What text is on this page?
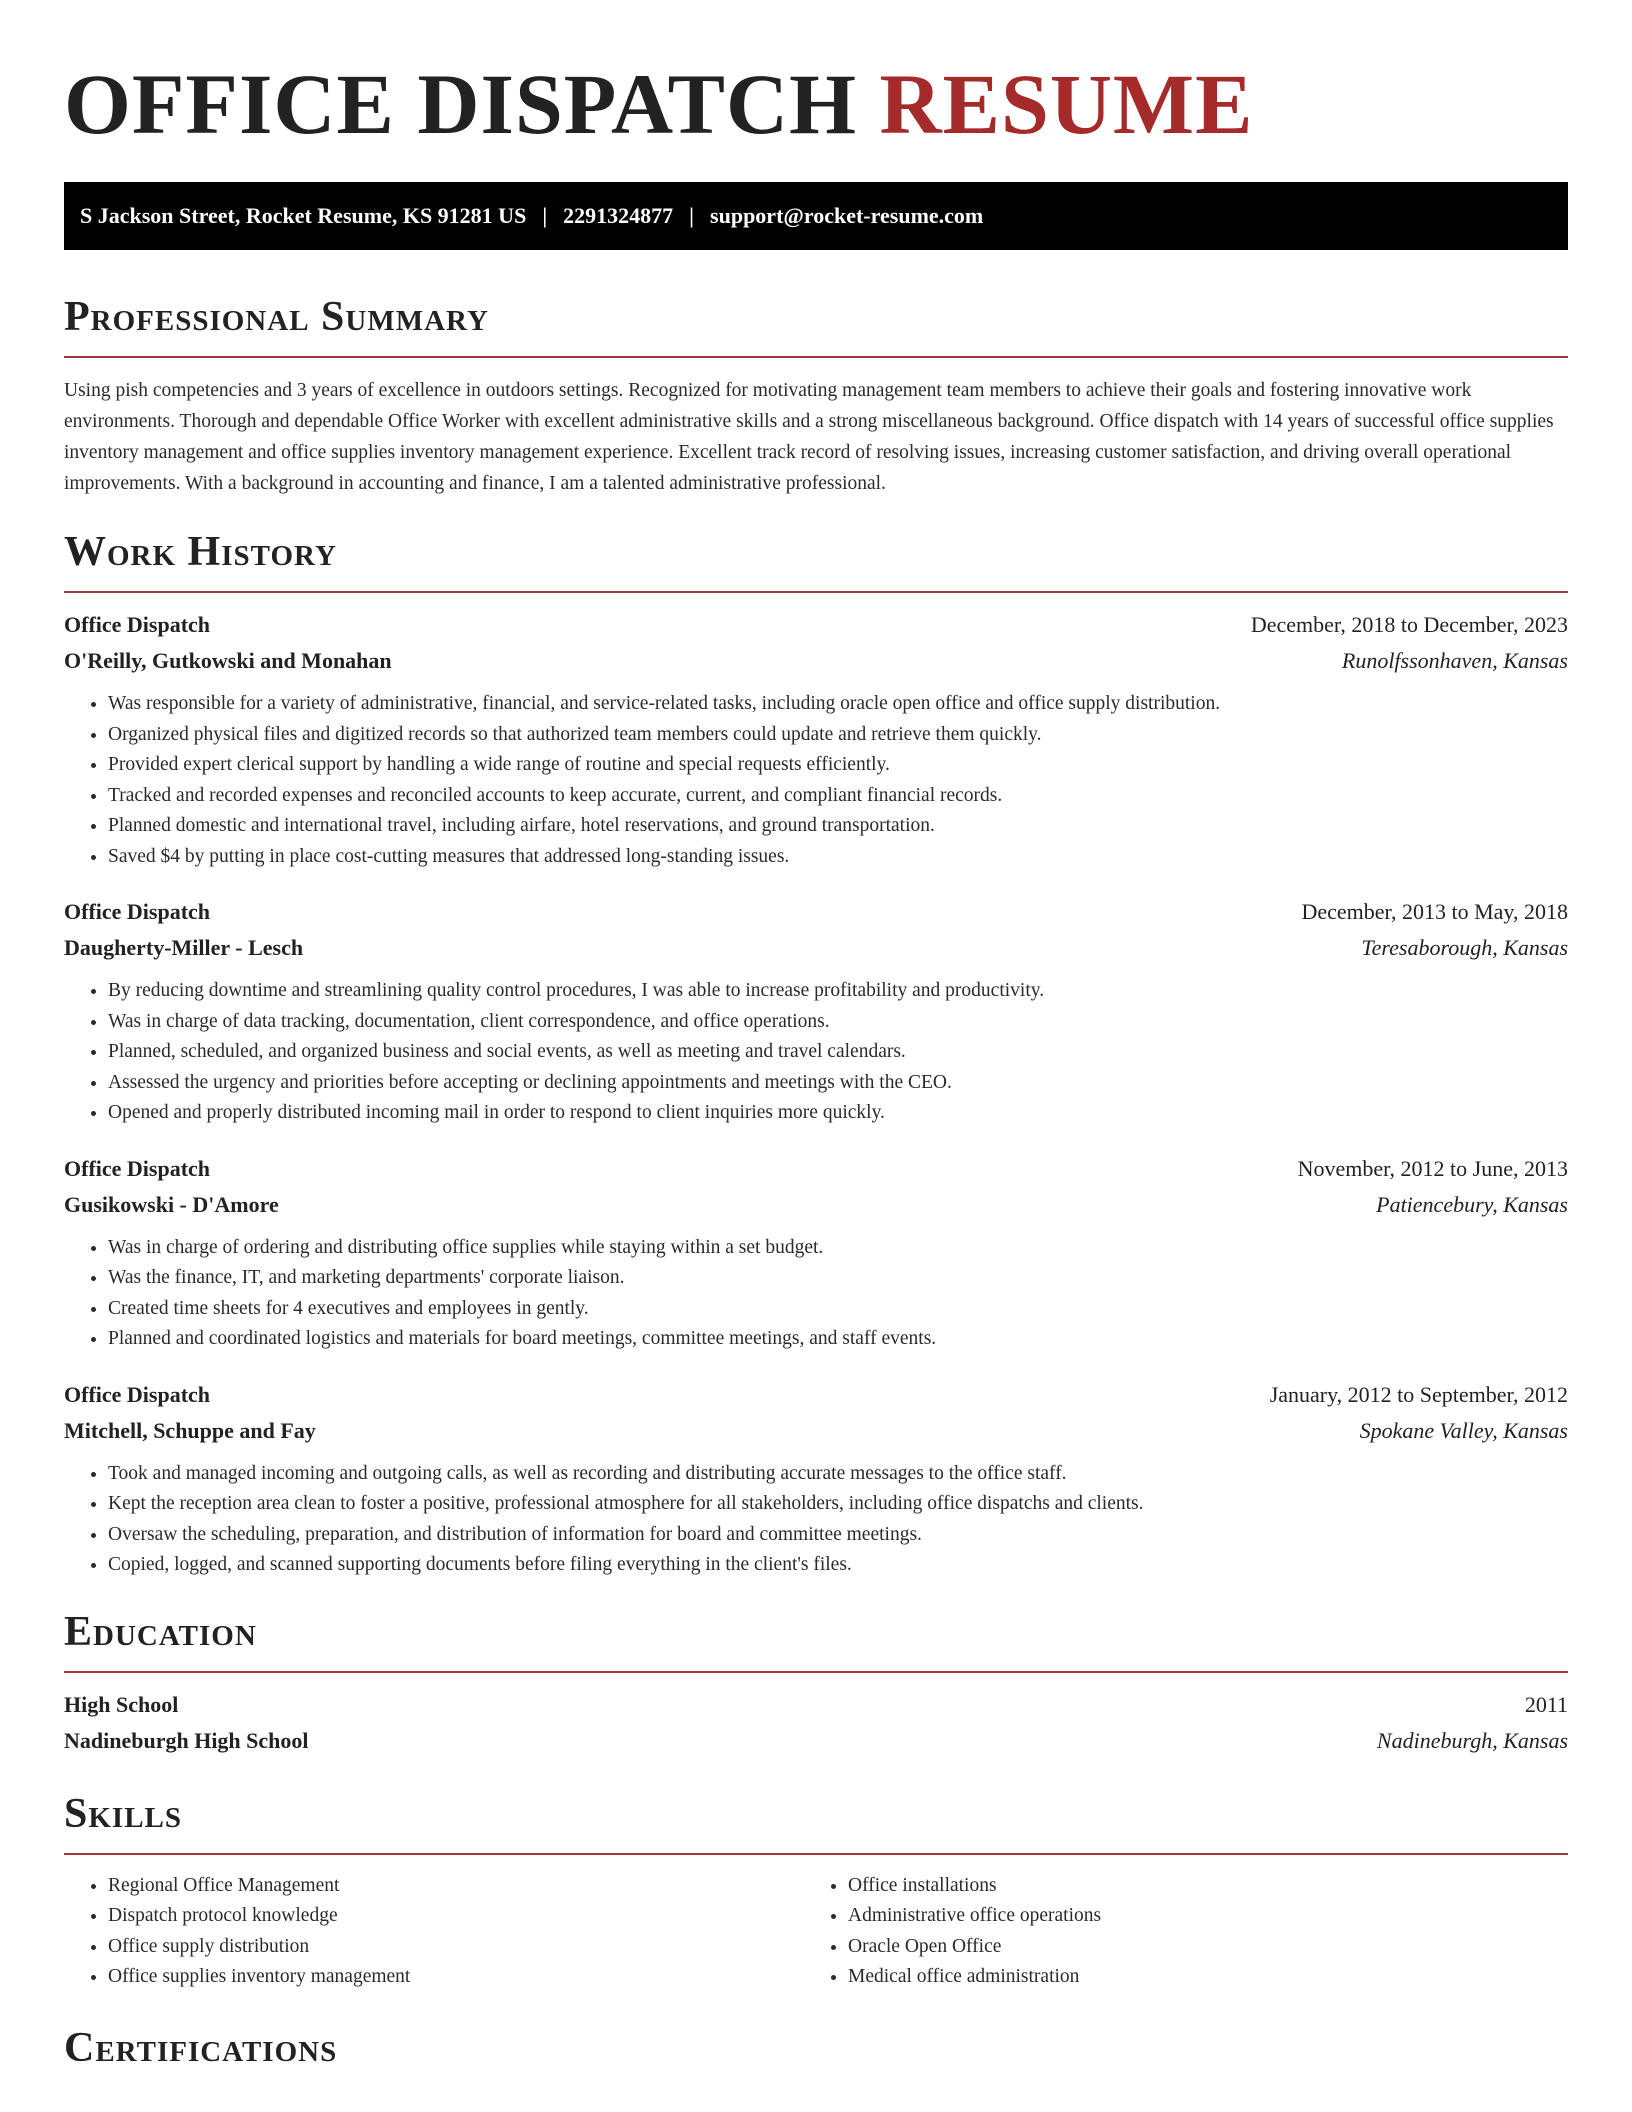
OFFICE DISPATCH RESUME
S Jackson Street, Rocket Resume, KS 91281 US | 2291324877 | support@rocket-resume.com
Professional Summary
Using pish competencies and 3 years of excellence in outdoors settings. Recognized for motivating management team members to achieve their goals and fostering innovative work environments. Thorough and dependable Office Worker with excellent administrative skills and a strong miscellaneous background. Office dispatch with 14 years of successful office supplies inventory management and office supplies inventory management experience. Excellent track record of resolving issues, increasing customer satisfaction, and driving overall operational improvements. With a background in accounting and finance, I am a talented administrative professional.
Work History
Office Dispatch	December, 2018 to December, 2023
O'Reilly, Gutkowski and Monahan	Runolfssonhaven, Kansas
• Was responsible for a variety of administrative, financial, and service-related tasks, including oracle open office and office supply distribution.
• Organized physical files and digitized records so that authorized team members could update and retrieve them quickly.
• Provided expert clerical support by handling a wide range of routine and special requests efficiently.
• Tracked and recorded expenses and reconciled accounts to keep accurate, current, and compliant financial records.
• Planned domestic and international travel, including airfare, hotel reservations, and ground transportation.
• Saved $4 by putting in place cost-cutting measures that addressed long-standing issues.
Office Dispatch	December, 2013 to May, 2018
Daugherty-Miller - Lesch	Teresaborough, Kansas
• By reducing downtime and streamlining quality control procedures, I was able to increase profitability and productivity.
• Was in charge of data tracking, documentation, client correspondence, and office operations.
• Planned, scheduled, and organized business and social events, as well as meeting and travel calendars.
• Assessed the urgency and priorities before accepting or declining appointments and meetings with the CEO.
• Opened and properly distributed incoming mail in order to respond to client inquiries more quickly.
Office Dispatch	November, 2012 to June, 2013
Gusikowski - D'Amore	Patiencebury, Kansas
• Was in charge of ordering and distributing office supplies while staying within a set budget.
• Was the finance, IT, and marketing departments' corporate liaison.
• Created time sheets for 4 executives and employees in gently.
• Planned and coordinated logistics and materials for board meetings, committee meetings, and staff events.
Office Dispatch	January, 2012 to September, 2012
Mitchell, Schuppe and Fay	Spokane Valley, Kansas
• Took and managed incoming and outgoing calls, as well as recording and distributing accurate messages to the office staff.
• Kept the reception area clean to foster a positive, professional atmosphere for all stakeholders, including office dispatchs and clients.
• Oversaw the scheduling, preparation, and distribution of information for board and committee meetings.
• Copied, logged, and scanned supporting documents before filing everything in the client's files.
Education
High School	2011
Nadineburgh High School	Nadineburgh, Kansas
Skills
• Regional Office Management
• Dispatch protocol knowledge
• Office supply distribution
• Office supplies inventory management
• Office installations
• Administrative office operations
• Oracle Open Office
• Medical office administration
Certifications
